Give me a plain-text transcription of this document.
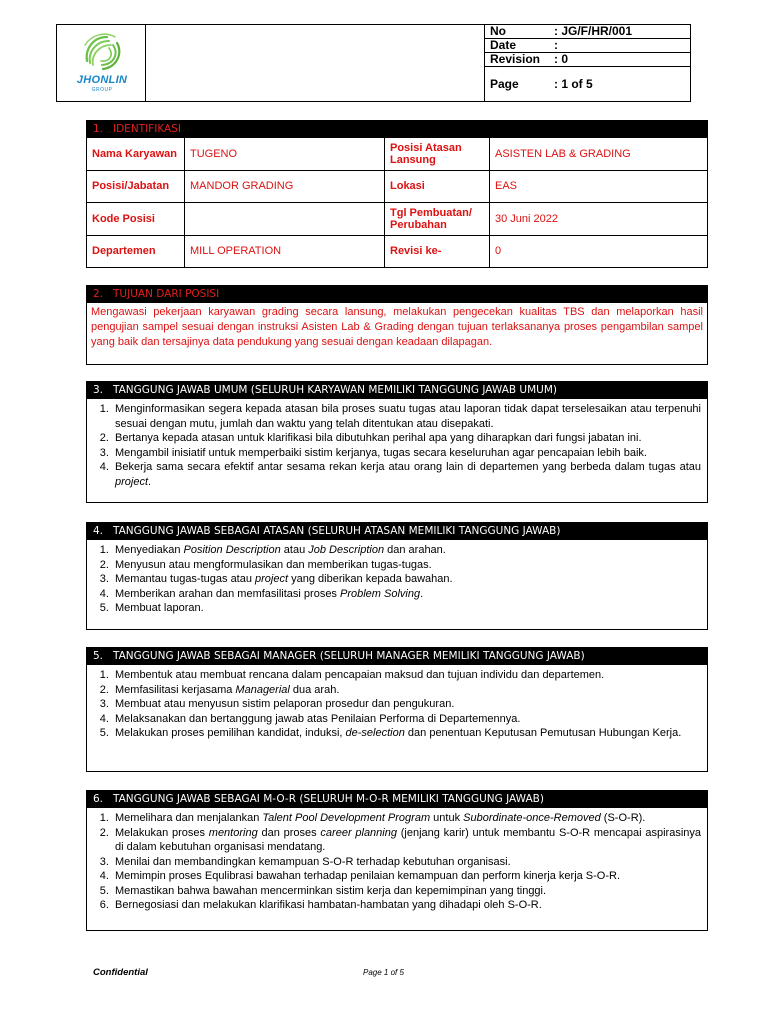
JHONLIN
GROUP
No	: JG/F/HR/001
Date	:
Revision : 0
Page	: 1 of 5
1. IDENTIFIKASI
Nama Karyawan	TUGENO	Posisi Atasan Lansung	ASISTEN LAB & GRADING
Posisi/Jabatan	MANDOR GRADING	Lokasi	EAS
Kode Posisi		Tgl Pembuatan/ Perubahan	30 Juni 2022
Departemen	MILL OPERATION	Revisi ke-	0
2. TUJUAN DARI POSISI
Mengawasi pekerjaan karyawan grading secara lansung, melakukan pengecekan kualitas TBS dan melaporkan hasil pengujian sampel sesuai dengan instruksi Asisten Lab & Grading dengan tujuan terlaksananya proses pengambilan sampel yang baik dan tersajinya data pendukung yang sesuai dengan keadaan dilapagan.
3. TANGGUNG JAWAB UMUM (SELURUH KARYAWAN MEMILIKI TANGGUNG JAWAB UMUM)
1. Menginformasikan segera kepada atasan bila proses suatu tugas atau laporan tidak dapat terselesaikan atau terpenuhi sesuai dengan mutu, jumlah dan waktu yang telah ditentukan atau disepakati.
2. Bertanya kepada atasan untuk klarifikasi bila dibutuhkan perihal apa yang diharapkan dari fungsi jabatan ini.
3. Mengambil inisiatif untuk memperbaiki sistim kerjanya, tugas secara keseluruhan agar pencapaian lebih baik.
4. Bekerja sama secara efektif antar sesama rekan kerja atau orang lain di departemen yang berbeda dalam tugas atau project.
4. TANGGUNG JAWAB SEBAGAI ATASAN (SELURUH ATASAN MEMILIKI TANGGUNG JAWAB)
1. Menyediakan Position Description atau Job Description dan arahan.
2. Menyusun atau mengformulasikan dan memberikan tugas-tugas.
3. Memantau tugas-tugas atau project yang diberikan kepada bawahan.
4. Memberikan arahan dan memfasilitasi proses Problem Solving.
5. Membuat laporan.
5. TANGGUNG JAWAB SEBAGAI MANAGER (SELURUH MANAGER MEMILIKI TANGGUNG JAWAB)
1. Membentuk atau membuat rencana dalam pencapaian maksud dan tujuan individu dan departemen.
2. Memfasilitasi kerjasama Managerial dua arah.
3. Membuat atau menyusun sistim pelaporan prosedur dan pengukuran.
4. Melaksanakan dan bertanggung jawab atas Penilaian Performa di Departemennya.
5. Melakukan proses pemilihan kandidat, induksi, de-selection dan penentuan Keputusan Pemutusan Hubungan Kerja.
6. TANGGUNG JAWAB SEBAGAI M-O-R (SELURUH M-O-R MEMILIKI TANGGUNG JAWAB)
1. Memelihara dan menjalankan Talent Pool Development Program untuk Subordinate-once-Removed (S-O-R).
2. Melakukan proses mentoring dan proses career planning (jenjang karir) untuk membantu S-O-R mencapai aspirasinya di dalam kebutuhan organisasi mendatang.
3. Menilai dan membandingkan kemampuan S-O-R terhadap kebutuhan organisasi.
4. Memimpin proses Equlibrasi bawahan terhadap penilaian kemampuan dan perform kinerja kerja S-O-R.
5. Memastikan bahwa bawahan mencerminkan sistim kerja dan kepemimpinan yang tinggi.
6. Bernegosiasi dan melakukan klarifikasi hambatan-hambatan yang dihadapi oleh S-O-R.
Confidential	Page 1 of 5
